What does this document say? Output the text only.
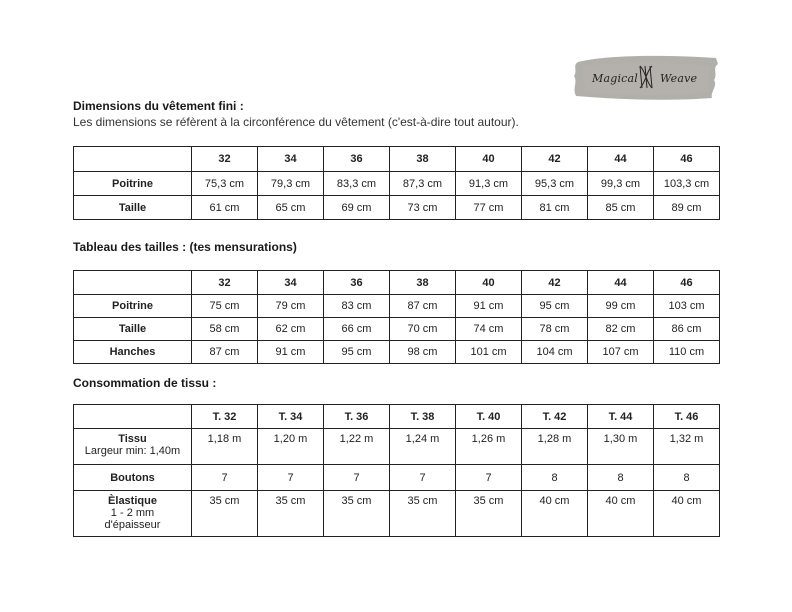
Magical Weave
Dimensions du vêtement fini :
Les dimensions se réfèrent à la circonférence du vêtement (c'est-à-dire tout autour).
	32	34	36	38	40	42	44	46
Poitrine	75,3 cm	79,3 cm	83,3 cm	87,3 cm	91,3 cm	95,3 cm	99,3 cm	103,3 cm
Taille	61 cm	65 cm	69 cm	73 cm	77 cm	81 cm	85 cm	89 cm
Tableau des tailles : (tes mensurations)
	32	34	36	38	40	42	44	46
Poitrine	75 cm	79 cm	83 cm	87 cm	91 cm	95 cm	99 cm	103 cm
Taille	58 cm	62 cm	66 cm	70 cm	74 cm	78 cm	82 cm	86 cm
Hanches	87 cm	91 cm	95 cm	98 cm	101 cm	104 cm	107 cm	110 cm
Consommation de tissu :
	T. 32	T. 34	T. 36	T. 38	T. 40	T. 42	T. 44	T. 46
Tissu
Largeur min: 1,40m	1,18 m	1,20 m	1,22 m	1,24 m	1,26 m	1,28 m	1,30 m	1,32 m
Boutons	7	7	7	7	7	8	8	8
Èlastique
1 - 2 mm d'épaisseur	35 cm	35 cm	35 cm	35 cm	35 cm	40 cm	40 cm	40 cm
